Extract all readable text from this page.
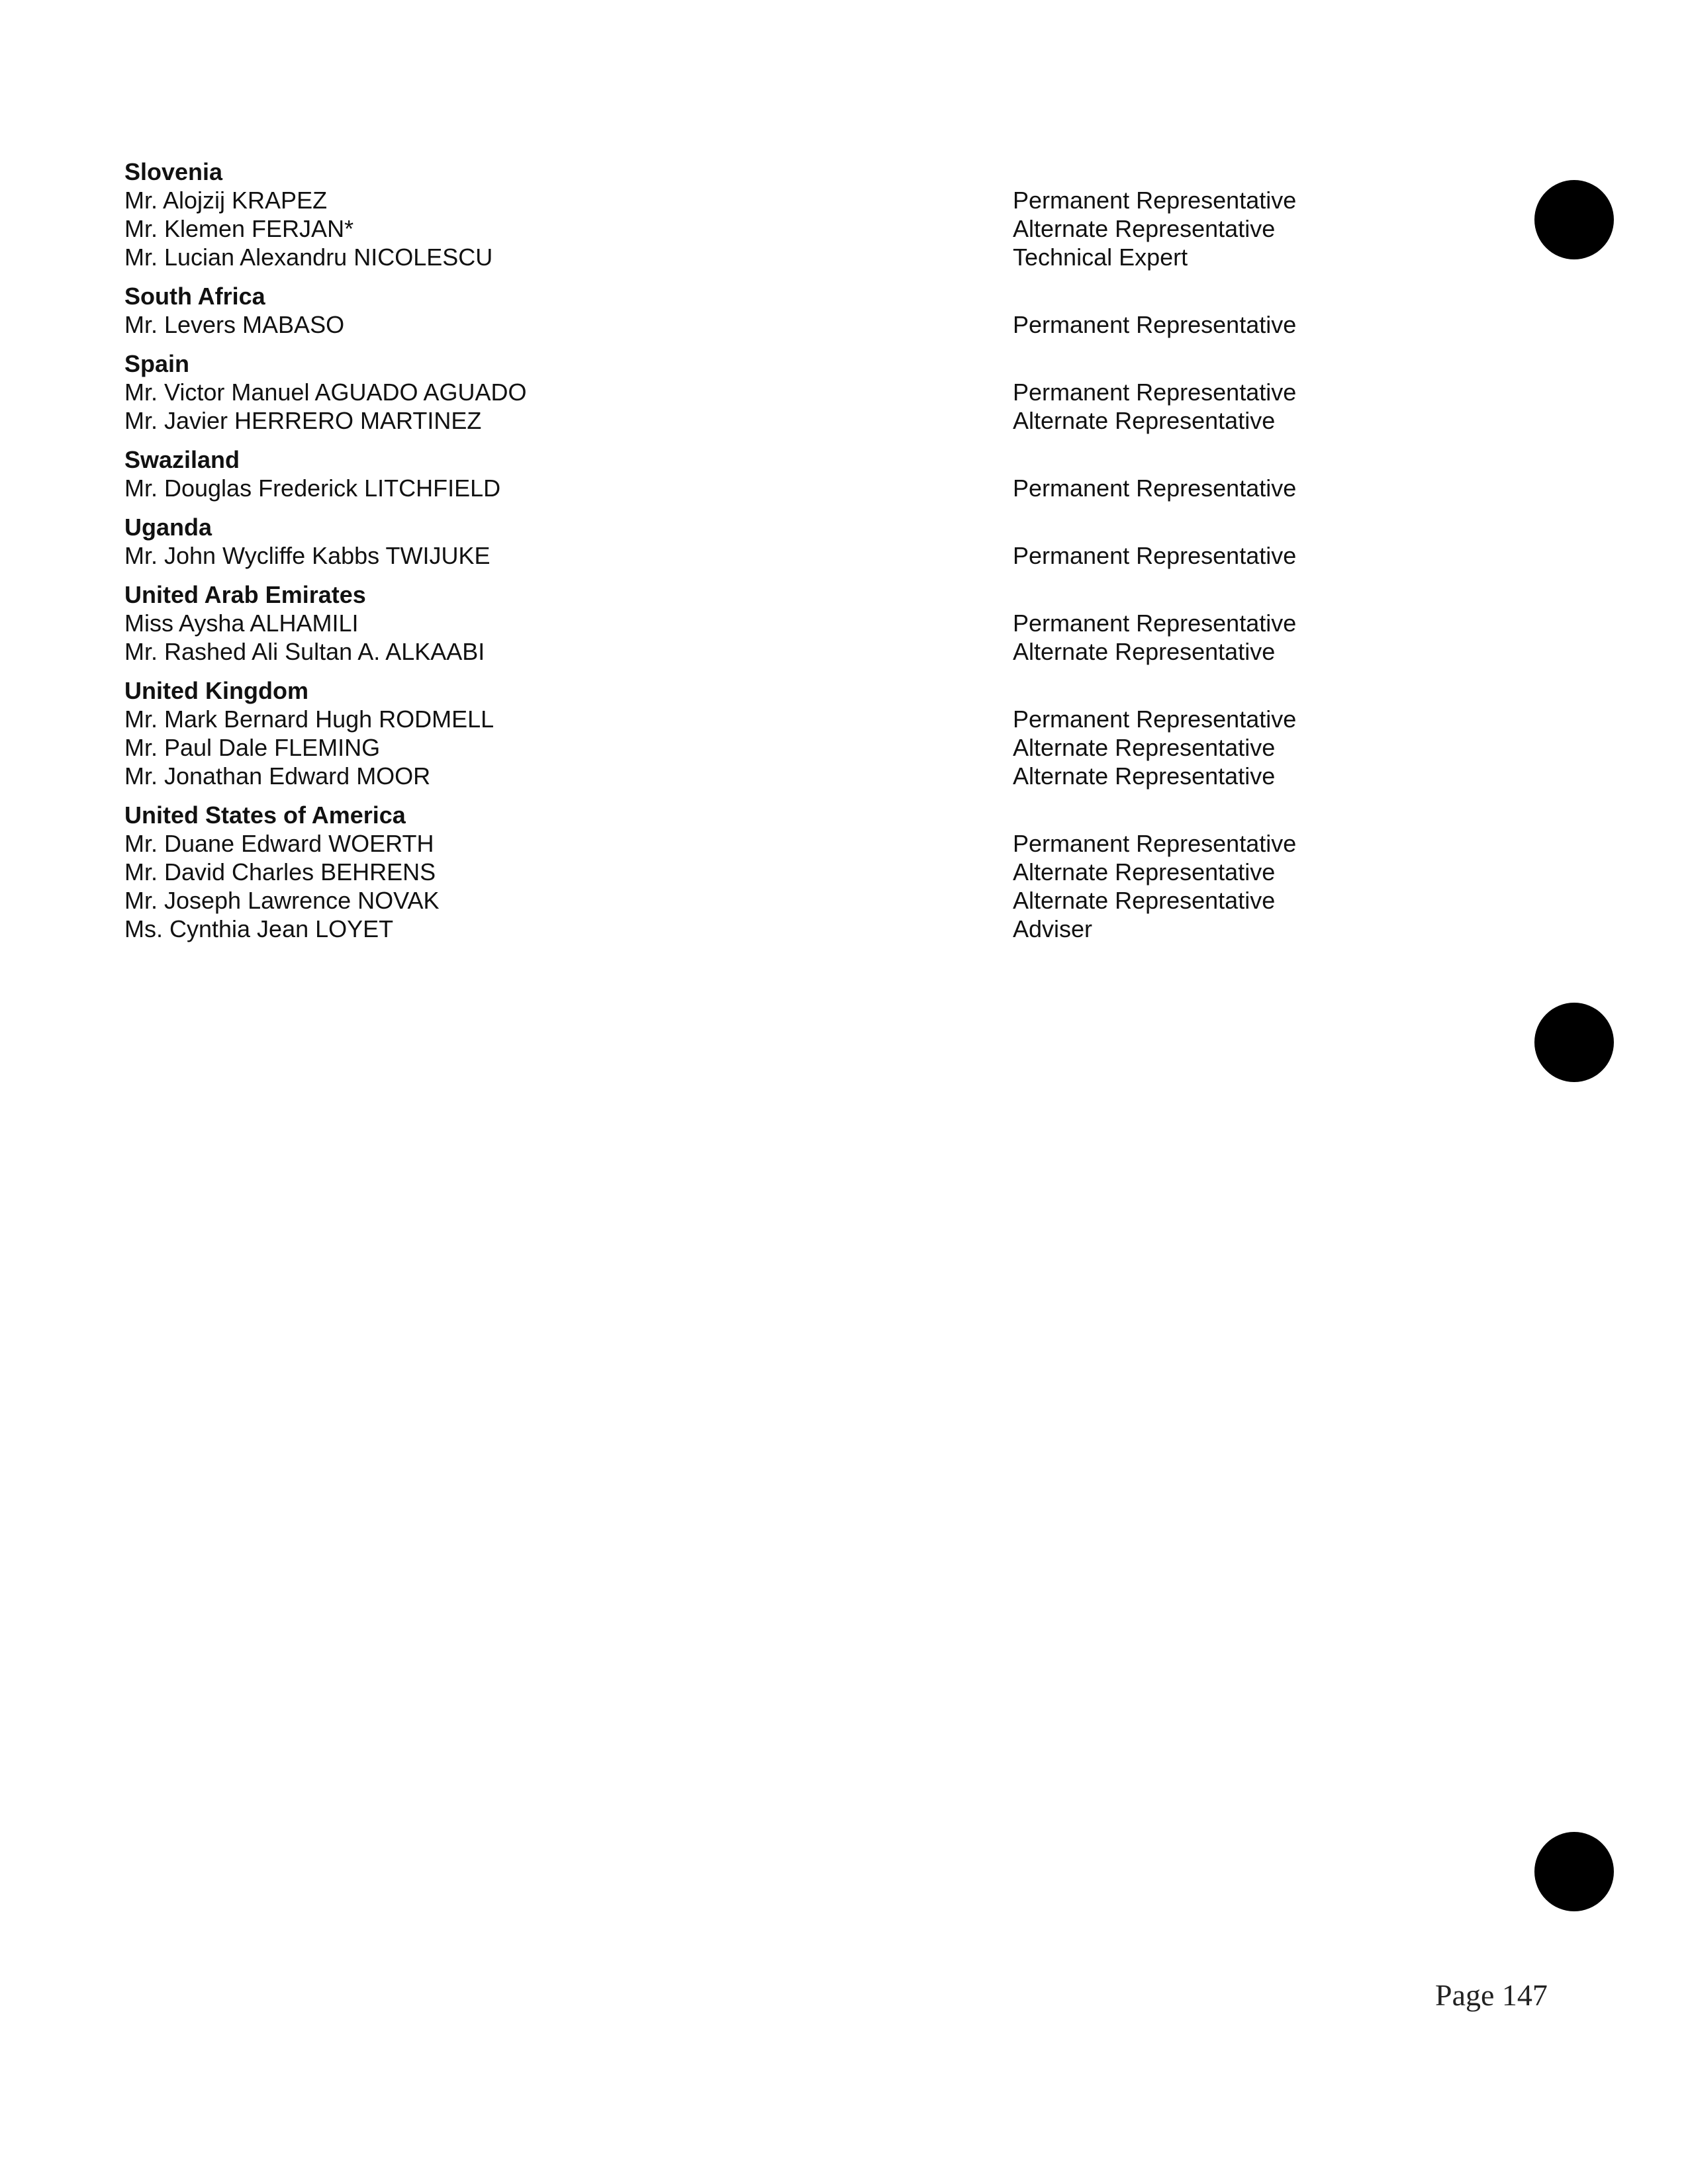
Slovenia
Mr. Alojzij KRAPEZ	Permanent Representative
Mr. Klemen FERJAN*	Alternate Representative
Mr. Lucian Alexandru NICOLESCU	Technical Expert
South Africa
Mr. Levers MABASO	Permanent Representative
Spain
Mr. Victor Manuel AGUADO AGUADO	Permanent Representative
Mr. Javier HERRERO MARTINEZ	Alternate Representative
Swaziland
Mr. Douglas Frederick LITCHFIELD	Permanent Representative
Uganda
Mr. John Wycliffe Kabbs TWIJUKE	Permanent Representative
United Arab Emirates
Miss Aysha ALHAMILI	Permanent Representative
Mr. Rashed Ali Sultan A. ALKAABI	Alternate Representative
United Kingdom
Mr. Mark Bernard Hugh RODMELL	Permanent Representative
Mr. Paul Dale FLEMING	Alternate Representative
Mr. Jonathan Edward MOOR	Alternate Representative
United States of America
Mr. Duane Edward WOERTH	Permanent Representative
Mr. David Charles BEHRENS	Alternate Representative
Mr. Joseph Lawrence NOVAK	Alternate Representative
Ms. Cynthia Jean LOYET	Adviser
Page 147
